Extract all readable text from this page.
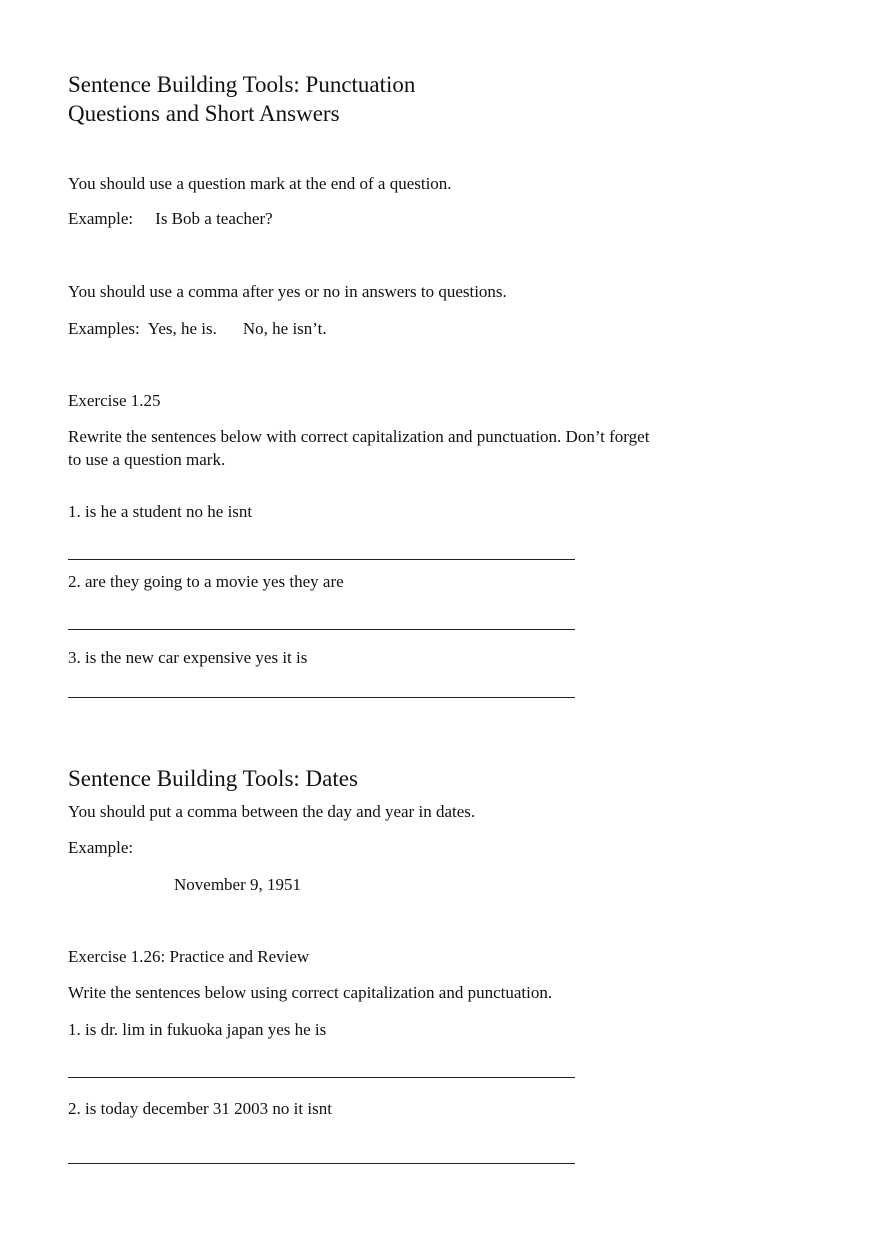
Sentence Building Tools: Punctuation
Questions and Short Answers

You should use a question mark at the end of a question.

Example: Is Bob a teacher?

You should use a comma after yes or no in answers to questions.

Examples: Yes, he is. No, he isn’t.

Exercise 1.25

Rewrite the sentences below with correct capitalization and punctuation. Don’t forget to use a question mark.

1. is he a student no he isnt

2. are they going to a movie yes they are

3. is the new car expensive yes it is

Sentence Building Tools: Dates

You should put a comma between the day and year in dates.

Example:

November 9, 1951

Exercise 1.26: Practice and Review

Write the sentences below using correct capitalization and punctuation.

1. is dr. lim in fukuoka japan yes he is

2. is today december 31 2003 no it isnt
